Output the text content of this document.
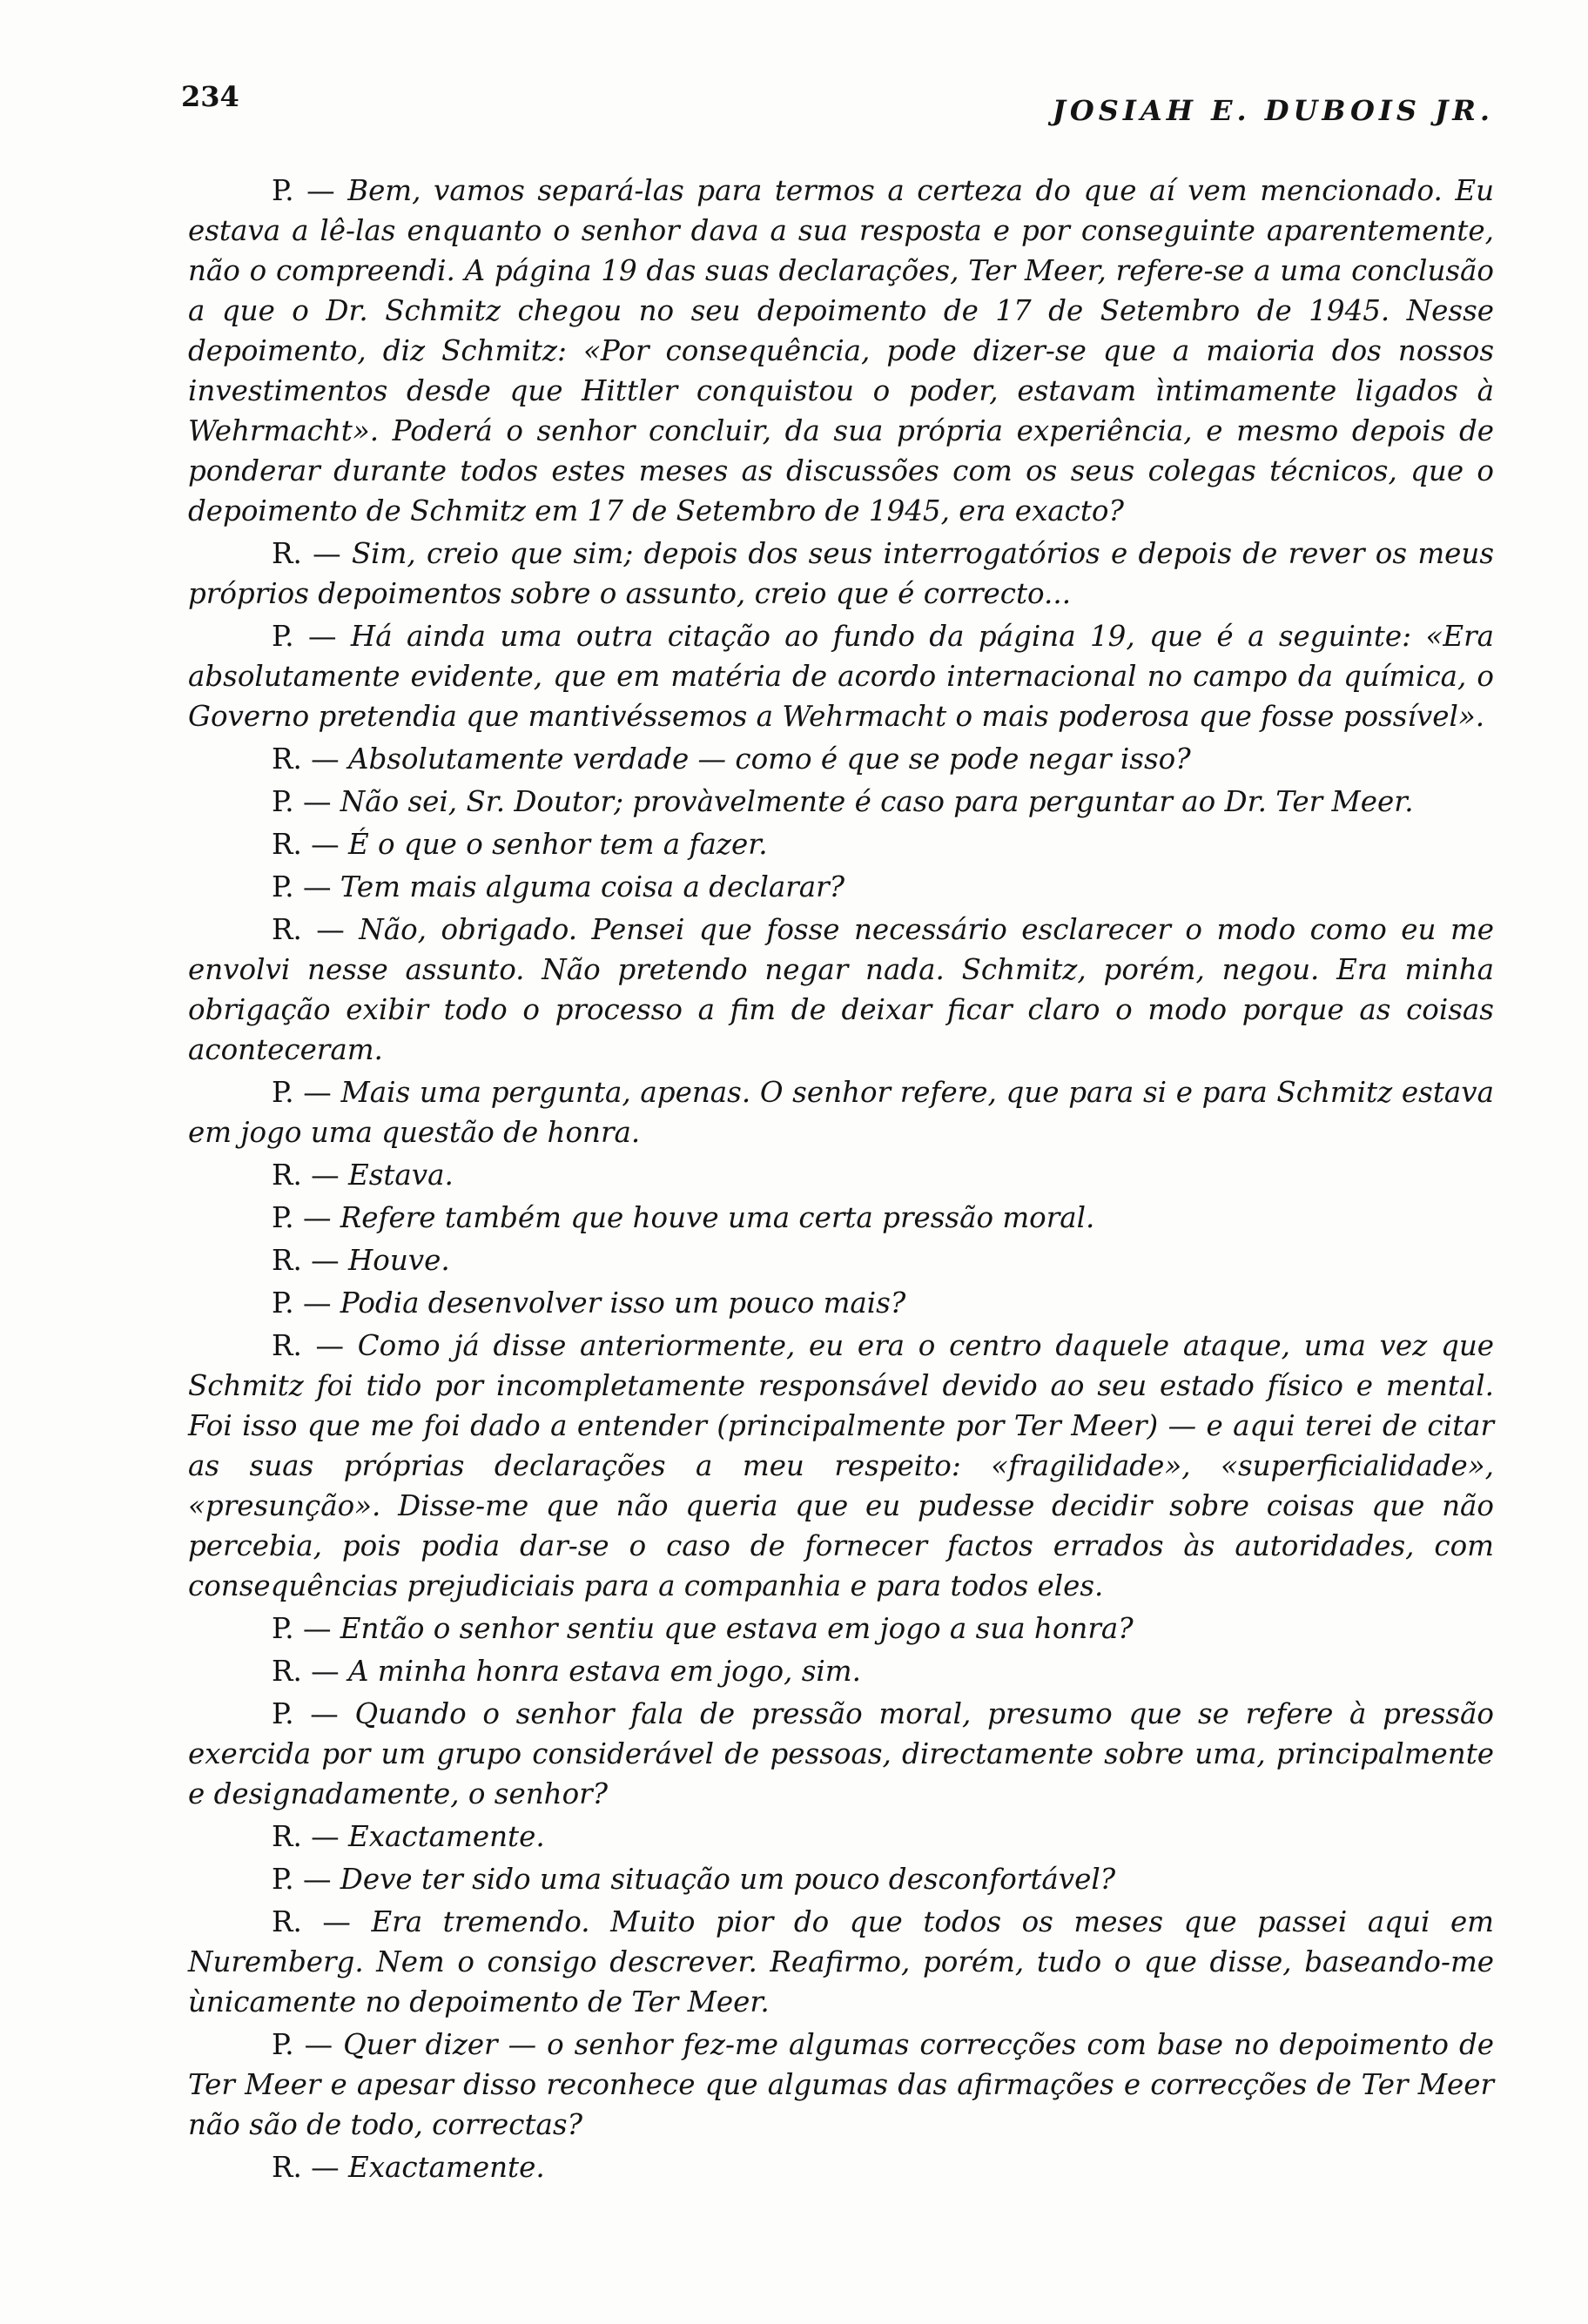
234	JOSIAH E. DUBOIS JR.

P. — Bem, vamos separá-las para termos a certeza do que aí vem mencionado. Eu estava a lê-las enquanto o senhor dava a sua resposta e por conseguinte aparentemente, não o compreendi. A página 19 das suas declarações, Ter Meer, refere-se a uma conclusão a que o Dr. Schmitz chegou no seu depoimento de 17 de Setembro de 1945. Nesse depoimento, diz Schmitz: «Por consequência, pode dizer-se que a maioria dos nossos investimentos desde que Hittler conquistou o poder, estavam ìntimamente ligados à Wehrmacht». Poderá o senhor concluir, da sua própria experiência, e mesmo depois de ponderar durante todos estes meses as discussões com os seus colegas técnicos, que o depoimento de Schmitz em 17 de Setembro de 1945, era exacto?

R. — Sim, creio que sim; depois dos seus interrogatórios e depois de rever os meus próprios depoimentos sobre o assunto, creio que é correcto...

P. — Há ainda uma outra citação ao fundo da página 19, que é a seguinte: «Era absolutamente evidente, que em matéria de acordo internacional no campo da química, o Governo pretendia que mantivéssemos a Wehrmacht o mais poderosa que fosse possível».

R. — Absolutamente verdade — como é que se pode negar isso?

P. — Não sei, Sr. Doutor; provàvelmente é caso para perguntar ao Dr. Ter Meer.

R. — É o que o senhor tem a fazer.

P. — Tem mais alguma coisa a declarar?

R. — Não, obrigado. Pensei que fosse necessário esclarecer o modo como eu me envolvi nesse assunto. Não pretendo negar nada. Schmitz, porém, negou. Era minha obrigação exibir todo o processo a fim de deixar ficar claro o modo porque as coisas aconteceram.

P. — Mais uma pergunta, apenas. O senhor refere, que para si e para Schmitz estava em jogo uma questão de honra.

R. — Estava.

P. — Refere também que houve uma certa pressão moral.

R. — Houve.

P. — Podia desenvolver isso um pouco mais?

R. — Como já disse anteriormente, eu era o centro daquele ataque, uma vez que Schmitz foi tido por incompletamente responsável devido ao seu estado físico e mental. Foi isso que me foi dado a entender (principalmente por Ter Meer) — e aqui terei de citar as suas próprias declarações a meu respeito: «fragilidade», «superficialidade», «presunção». Disse-me que não queria que eu pudesse decidir sobre coisas que não percebia, pois podia dar-se o caso de fornecer factos errados às autoridades, com consequências prejudiciais para a companhia e para todos eles.

P. — Então o senhor sentiu que estava em jogo a sua honra?

R. — A minha honra estava em jogo, sim.

P. — Quando o senhor fala de pressão moral, presumo que se refere à pressão exercida por um grupo considerável de pessoas, directamente sobre uma, principalmente e designadamente, o senhor?

R. — Exactamente.

P. — Deve ter sido uma situação um pouco desconfortável?

R. — Era tremendo. Muito pior do que todos os meses que passei aqui em Nuremberg. Nem o consigo descrever. Reafirmo, porém, tudo o que disse, baseando-me ùnicamente no depoimento de Ter Meer.

P. — Quer dizer — o senhor fez-me algumas correcções com base no depoimento de Ter Meer e apesar disso reconhece que algumas das afirmações e correcções de Ter Meer não são de todo, correctas?

R. — Exactamente.
